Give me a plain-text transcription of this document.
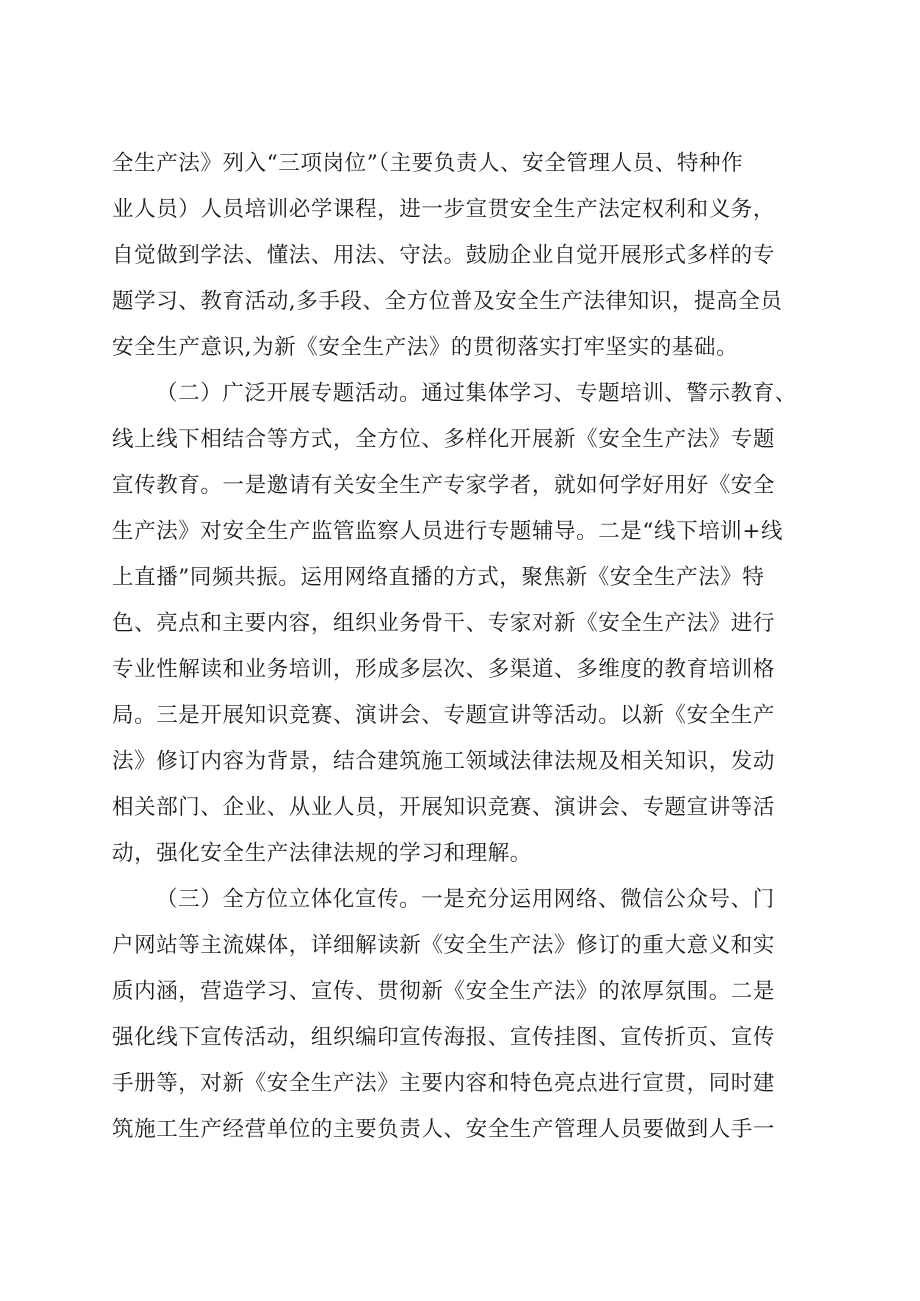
全生产法》列入“三项岗位”（主要负责人、安全管理人员、特种作
业人员）人员培训必学课程，进一步宣贯安全生产法定权利和义务，
自觉做到学法、懂法、用法、守法。鼓励企业自觉开展形式多样的专
题学习、教育活动,多手段、全方位普及安全生产法律知识，提高全员
安全生产意识,为新《安全生产法》的贯彻落实打牢坚实的基础。
（二）广泛开展专题活动。通过集体学习、专题培训、警示教育、
线上线下相结合等方式，全方位、多样化开展新《安全生产法》专题
宣传教育。一是邀请有关安全生产专家学者，就如何学好用好《安全
生产法》对安全生产监管监察人员进行专题辅导。二是“线下培训+线
上直播”同频共振。运用网络直播的方式，聚焦新《安全生产法》特
色、亮点和主要内容，组织业务骨干、专家对新《安全生产法》进行
专业性解读和业务培训，形成多层次、多渠道、多维度的教育培训格
局。三是开展知识竞赛、演讲会、专题宣讲等活动。以新《安全生产
法》修订内容为背景，结合建筑施工领域法律法规及相关知识，发动
相关部门、企业、从业人员，开展知识竞赛、演讲会、专题宣讲等活
动，强化安全生产法律法规的学习和理解。
（三）全方位立体化宣传。一是充分运用网络、微信公众号、门
户网站等主流媒体，详细解读新《安全生产法》修订的重大意义和实
质内涵，营造学习、宣传、贯彻新《安全生产法》的浓厚氛围。二是
强化线下宣传活动，组织编印宣传海报、宣传挂图、宣传折页、宣传
手册等，对新《安全生产法》主要内容和特色亮点进行宣贯，同时建
筑施工生产经营单位的主要负责人、安全生产管理人员要做到人手一
